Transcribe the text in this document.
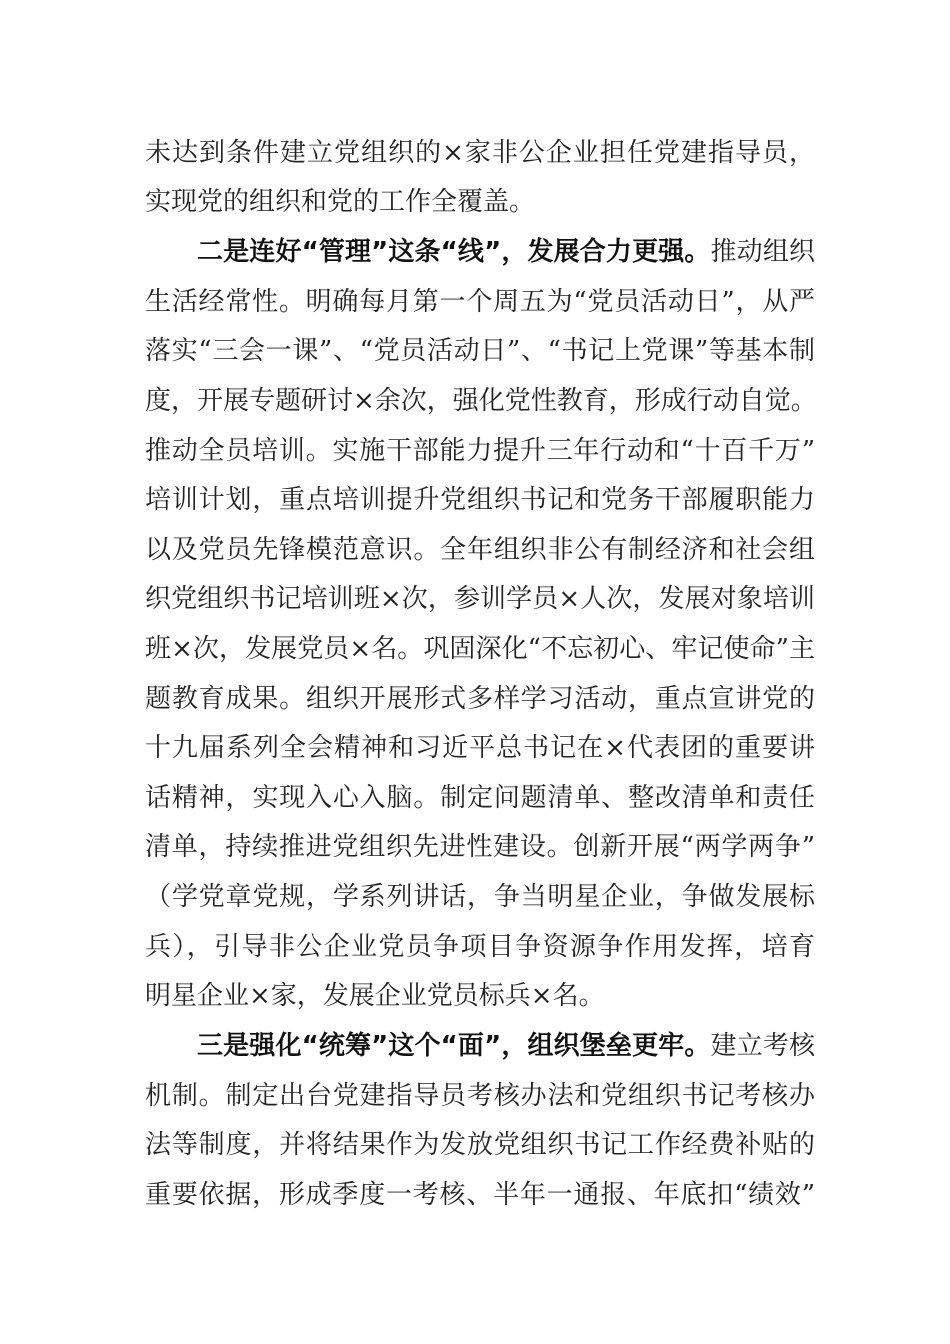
未达到条件建立党组织的×家非公企业担任党建指导员，
实现党的组织和党的工作全覆盖。
二是连好“管理”这条“线”，发展合力更强。推动组织
生活经常性。明确每月第一个周五为“党员活动日”，从严
落实“三会一课”、“党员活动日”、“书记上党课”等基本制
度，开展专题研讨×余次，强化党性教育，形成行动自觉。
推动全员培训。实施干部能力提升三年行动和“十百千万”
培训计划，重点培训提升党组织书记和党务干部履职能力
以及党员先锋模范意识。全年组织非公有制经济和社会组
织党组织书记培训班×次，参训学员×人次，发展对象培训
班×次，发展党员×名。巩固深化“不忘初心、牢记使命”主
题教育成果。组织开展形式多样学习活动，重点宣讲党的
十九届系列全会精神和习近平总书记在×代表团的重要讲
话精神，实现入心入脑。制定问题清单、整改清单和责任
清单，持续推进党组织先进性建设。创新开展“两学两争”
（学党章党规，学系列讲话，争当明星企业，争做发展标
兵），引导非公企业党员争项目争资源争作用发挥，培育
明星企业×家，发展企业党员标兵×名。
三是强化“统筹”这个“面”，组织堡垒更牢。建立考核
机制。制定出台党建指导员考核办法和党组织书记考核办
法等制度，并将结果作为发放党组织书记工作经费补贴的
重要依据，形成季度一考核、半年一通报、年底扣“绩效”
